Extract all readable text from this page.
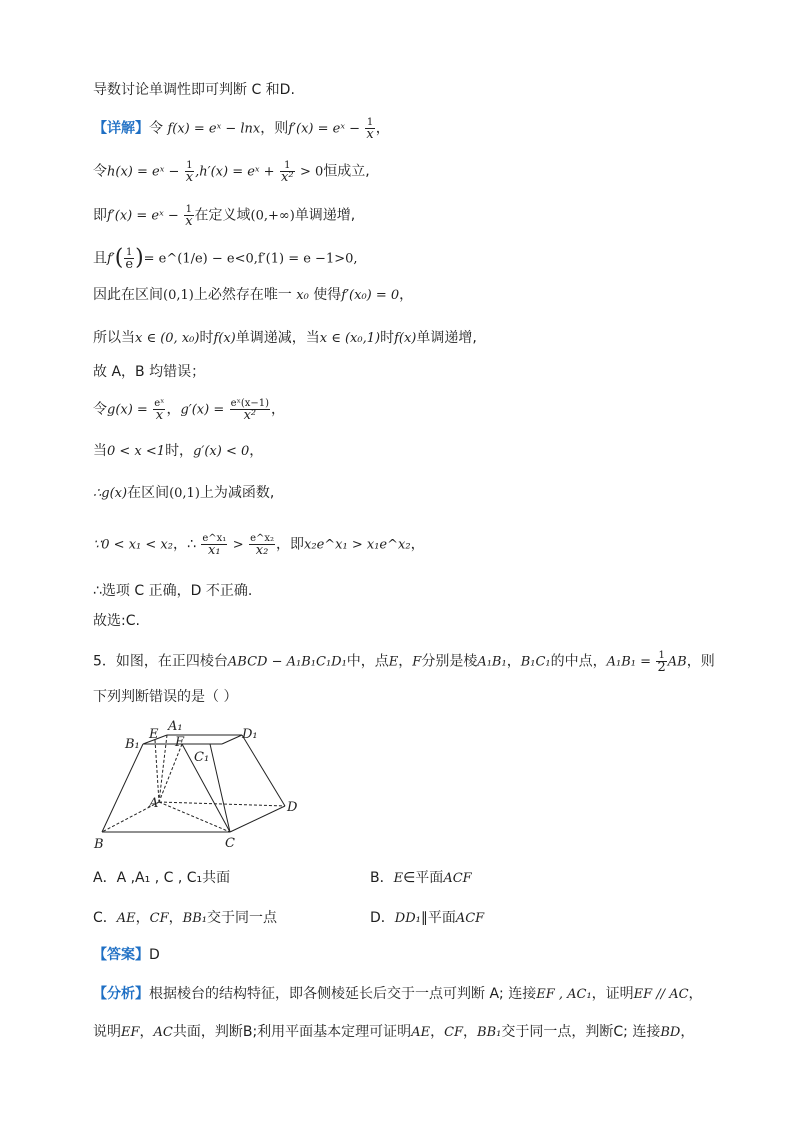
导数讨论单调性即可判断 C 和D.
【详解】令 f(x) = eˣ − lnx，则f′(x) = eˣ − $\frac{1}{x}$ ，
令h(x) = eˣ − $\frac{1}{x} ,h'(x)$ = eˣ + $\frac{1}{\text{x²}} > 0$恒成立,
即f′(x) = eˣ − $\frac{1}{x}$ 在定义域(0,+∞)单调递增,
且$f'( \frac{1}{e}$ )= e^(1/e) − e<0,f′(1) = e −1>0,
因此在区间(0,1)上必然存在唯一 x₀ 使得f′(x₀) = 0，
所以当x ∈ (0, x₀)时f(x)单调递减，当x ∈ (x₀,1)时f(x)单调递增,
故 A，B 均错误；
令$g(x) = \frac{\text{eˣ}}{x}$ ，$g'(x) = \frac{\text{eˣ(x−1)}}{\text{x²}}$ ，
当0 < x <1时，g′(x) < 0，
∴g(x)在区间(0,1)上为减函数,
∵0 < x₁ < x₂，∴ $\frac{\text{e\textasciicircum{}x₁}}{\text{x₁}} > \frac{\text{e\textasciicircum{}x₂}}{\text{x₂}}$ ，即x₂e^x₁ > x₁e^x₂，
∴选项 C 正确，D 不正确.
故选:C.
5．如图，在正四棱台ABCD − A₁B₁C₁D₁中，点E，F分别是棱A₁B₁，B₁C₁的中点，$A_1B_1 = \frac{1}{2}$ AB，则
下列判断错误的是（ ）
B₁
E
A₁
F
D₁
C₁
A
B	C
D
A．A ,A₁ , C , C₁共面	B．E∈平面ACF
C．AE，CF，BB₁交于同一点	D．DD₁∥平面ACF
【答案】D
【分析】根据棱台的结构特征，即各侧棱延长后交于一点可判断 A; 连接EF , AC₁，证明EF // AC，
说明EF，AC共面，判断B;利用平面基本定理可证明AE，CF，BB₁交于同一点，判断C; 连接BD，
